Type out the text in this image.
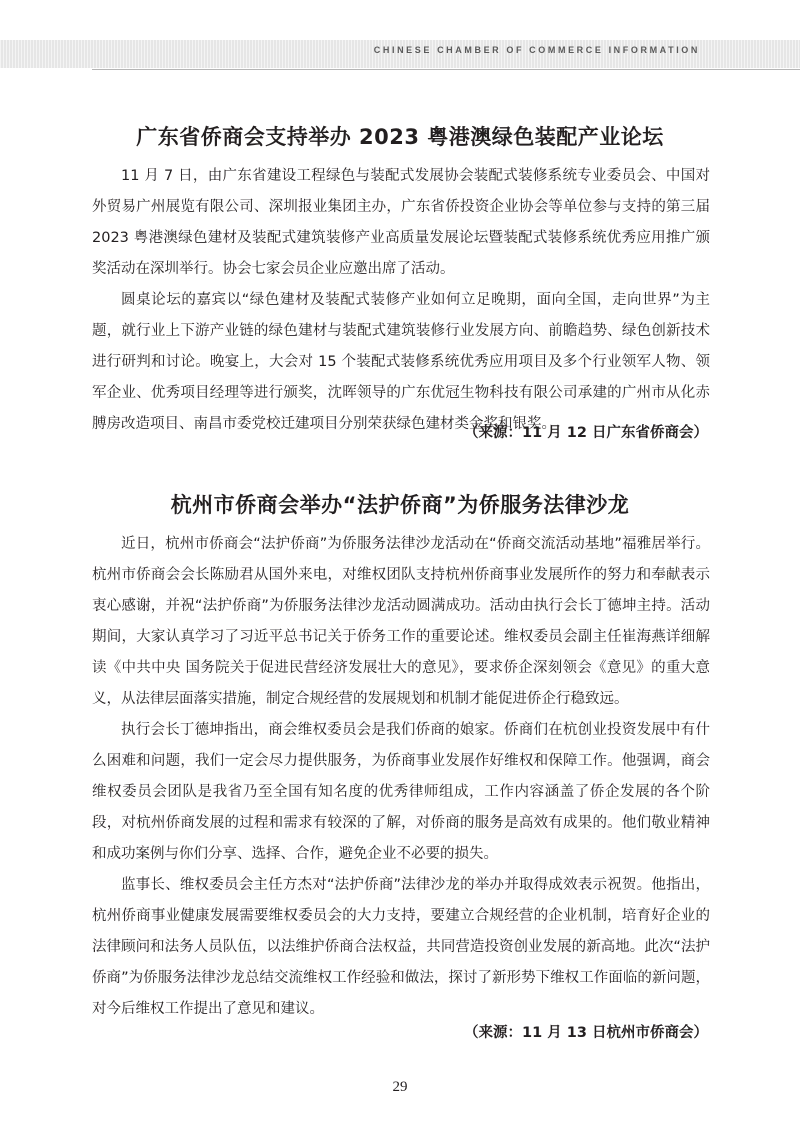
CHINESE CHAMBER OF COMMERCE INFORMATION
广东省侨商会支持举办 2023 粤港澳绿色装配产业论坛

11 月 7 日，由广东省建设工程绿色与装配式发展协会装配式装修系统专业委员会、中国对外贸易广州展览有限公司、深圳报业集团主办，广东省侨投资企业协会等单位参与支持的第三届 2023 粤港澳绿色建材及装配式建筑装修产业高质量发展论坛暨装配式装修系统优秀应用推广颁奖活动在深圳举行。协会七家会员企业应邀出席了活动。

圆桌论坛的嘉宾以“绿色建材及装配式装修产业如何立足晚期，面向全国，走向世界”为主题，就行业上下游产业链的绿色建材与装配式建筑装修行业发展方向、前瞻趋势、绿色创新技术进行研判和讨论。晚宴上，大会对 15 个装配式装修系统优秀应用项目及多个行业领军人物、领军企业、优秀项目经理等进行颁奖，沈晖领导的广东优冠生物科技有限公司承建的广州市从化赤膊房改造项目、南昌市委党校迁建项目分别荣获绿色建材类金奖和银奖。

（来源：11 月 12 日广东省侨商会）
杭州市侨商会举办“法护侨商”为侨服务法律沙龙

近日，杭州市侨商会“法护侨商”为侨服务法律沙龙活动在“侨商交流活动基地”福雅居举行。杭州市侨商会会长陈励君从国外来电，对维权团队支持杭州侨商事业发展所作的努力和奉献表示衷心感谢，并祝“法护侨商”为侨服务法律沙龙活动圆满成功。活动由执行会长丁德坤主持。活动期间，大家认真学习了习近平总书记关于侨务工作的重要论述。维权委员会副主任崔海燕详细解读《中共中央 国务院关于促进民营经济发展壮大的意见》，要求侨企深刻领会《意见》的重大意义，从法律层面落实措施，制定合规经营的发展规划和机制才能促进侨企行稳致远。

执行会长丁德坤指出，商会维权委员会是我们侨商的娘家。侨商们在杭创业投资发展中有什么困难和问题，我们一定会尽力提供服务，为侨商事业发展作好维权和保障工作。他强调，商会维权委员会团队是我省乃至全国有知名度的优秀律师组成，工作内容涵盖了侨企发展的各个阶段，对杭州侨商发展的过程和需求有较深的了解，对侨商的服务是高效有成果的。他们敬业精神和成功案例与你们分享、选择、合作，避免企业不必要的损失。

监事长、维权委员会主任方杰对“法护侨商”法律沙龙的举办并取得成效表示祝贺。他指出，杭州侨商事业健康发展需要维权委员会的大力支持，要建立合规经营的企业机制，培育好企业的法律顾问和法务人员队伍，以法维护侨商合法权益，共同营造投资创业发展的新高地。此次“法护侨商”为侨服务法律沙龙总结交流维权工作经验和做法，探讨了新形势下维权工作面临的新问题，对今后维权工作提出了意见和建议。

（来源：11 月 13 日杭州市侨商会）
29
